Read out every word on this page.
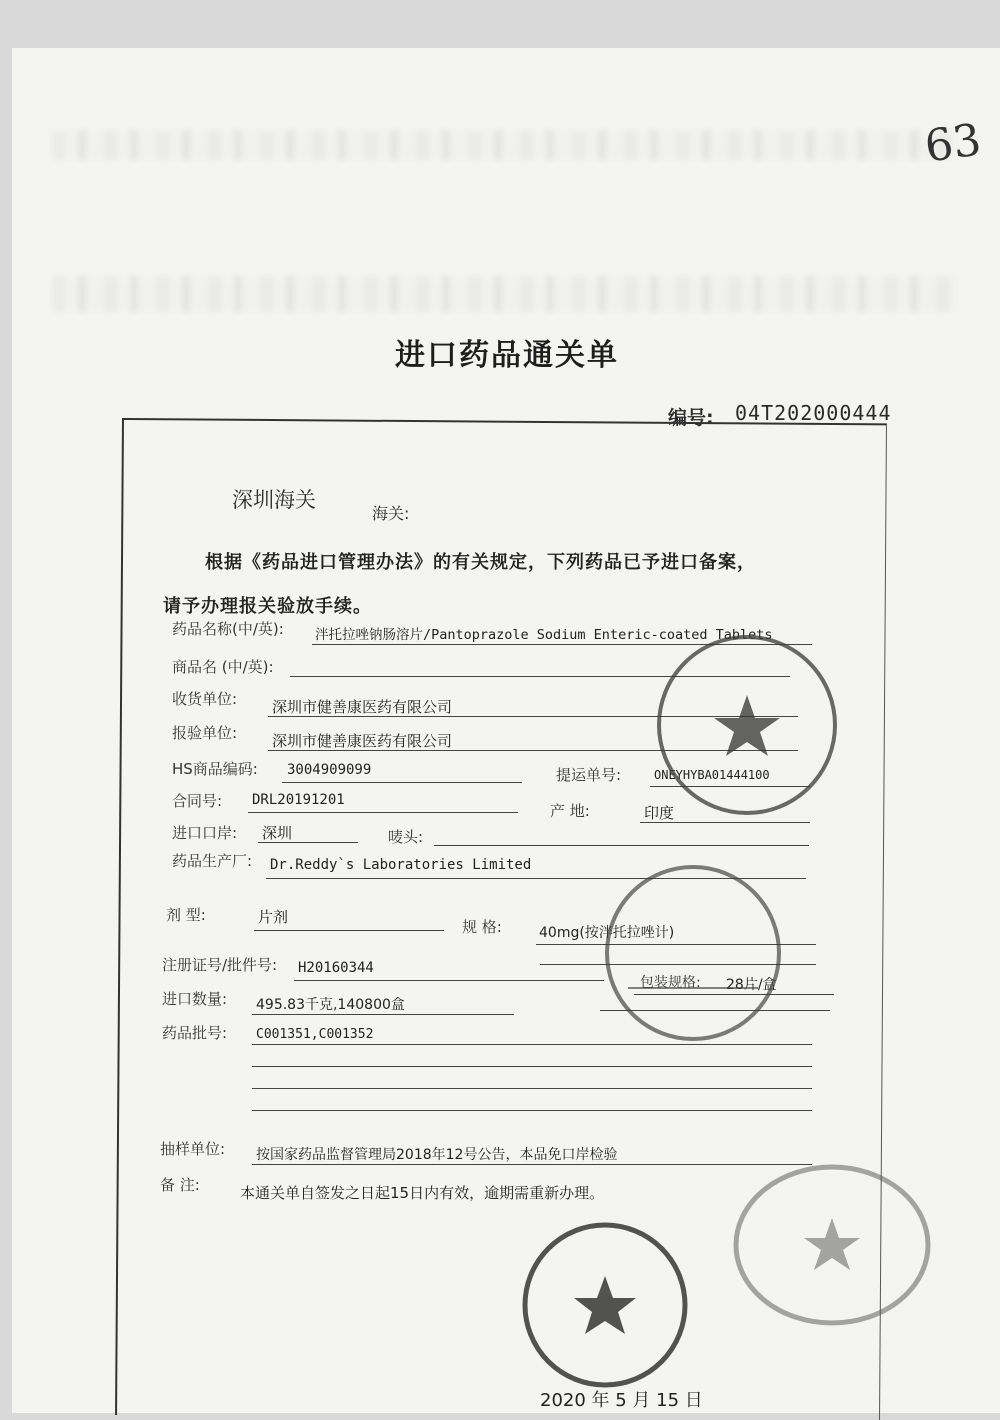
63
进口药品通关单
编号: 04T202000444
深圳海关
海关:
根据《药品进口管理办法》的有关规定，下列药品已予进口备案，
请予办理报关验放手续。
药品名称(中/英): 泮托拉唑钠肠溶片/Pantoprazole Sodium Enteric-coated Tablets
商品名 (中/英):
收货单位: 深圳市健善康医药有限公司
报验单位: 深圳市健善康医药有限公司
HS商品编码: 3004909099	提运单号:	ONEYHYBA01444100
合同号: DRL20191201
产 地:	印度
进口口岸: 深圳	唛头:
药品生产厂: Dr.Reddy`s Laboratories Limited
剂 型:	片剂
规 格:	40mg(按泮托拉唑计)
注册证号/批件号: H20160344
包装规格: 28片/盒
进口数量: 495.83千克,140800盒
药品批号: C001351,C001352
抽样单位: 按国家药品监督管理局2018年12号公告，本品免口岸检验
备 注:	本通关单自签发之日起15日内有效，逾期需重新办理。
2020 年 5 月 15 日
